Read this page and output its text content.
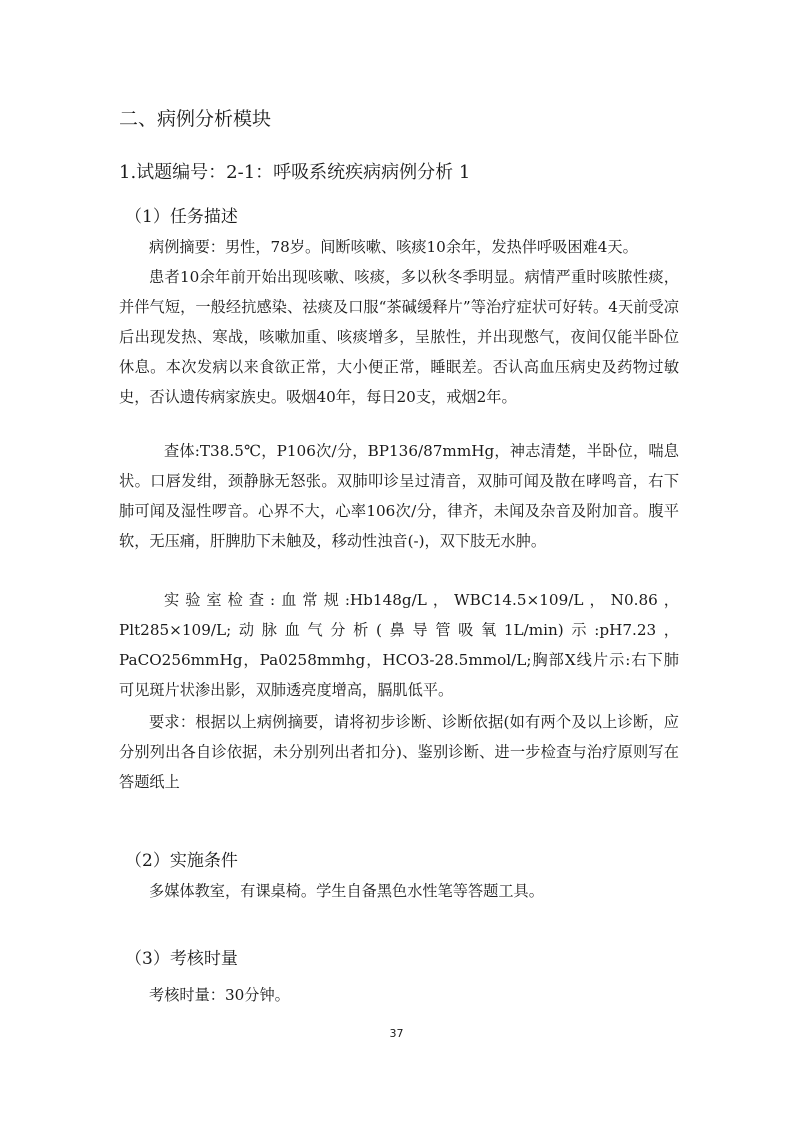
二、病例分析模块
1.试题编号：2-1：呼吸系统疾病病例分析 1
（1）任务描述

病例摘要：男性，78岁。间断咳嗽、咳痰10余年，发热伴呼吸困难4天。

患者10余年前开始出现咳嗽、咳痰，多以秋冬季明显。病情严重时咳脓性痰，并伴气短，一般经抗感染、祛痰及口服“茶碱缓释片”等治疗症状可好转。4天前受凉后出现发热、寒战，咳嗽加重、咳痰增多，呈脓性，并出现憋气，夜间仅能半卧位休息。本次发病以来食欲正常，大小便正常，睡眠差。否认高血压病史及药物过敏史，否认遗传病家族史。吸烟40年，每日20支，戒烟2年。

查体:T38.5℃，P106次/分，BP136/87mmHg，神志清楚，半卧位，喘息状。口唇发绀，颈静脉无怒张。双肺叩诊呈过清音，双肺可闻及散在哮鸣音，右下肺可闻及湿性啰音。心界不大，心率106次/分，律齐，未闻及杂音及附加音。腹平软，无压痛，肝脾肋下未触及，移动性浊音(-)，双下肢无水肿。

实验室检查:血常规:Hb148g/L，WBC14.5×109/L，N0.86，Plt285×109/L;动脉血气分析(鼻导管吸氧1L/min)示:pH7.23，PaCO256mmHg，Pa0258mmhg，HCO3-28.5mmol/L;胸部X线片示:右下肺可见斑片状渗出影，双肺透亮度增高，膈肌低平。

要求：根据以上病例摘要，请将初步诊断、诊断依据(如有两个及以上诊断，应分别列出各自诊依据，未分别列出者扣分)、鉴别诊断、进一步检查与治疗原则写在答题纸上

（2）实施条件

多媒体教室，有课桌椅。学生自备黑色水性笔等答题工具。

（3）考核时量

考核时量：30分钟。

37
